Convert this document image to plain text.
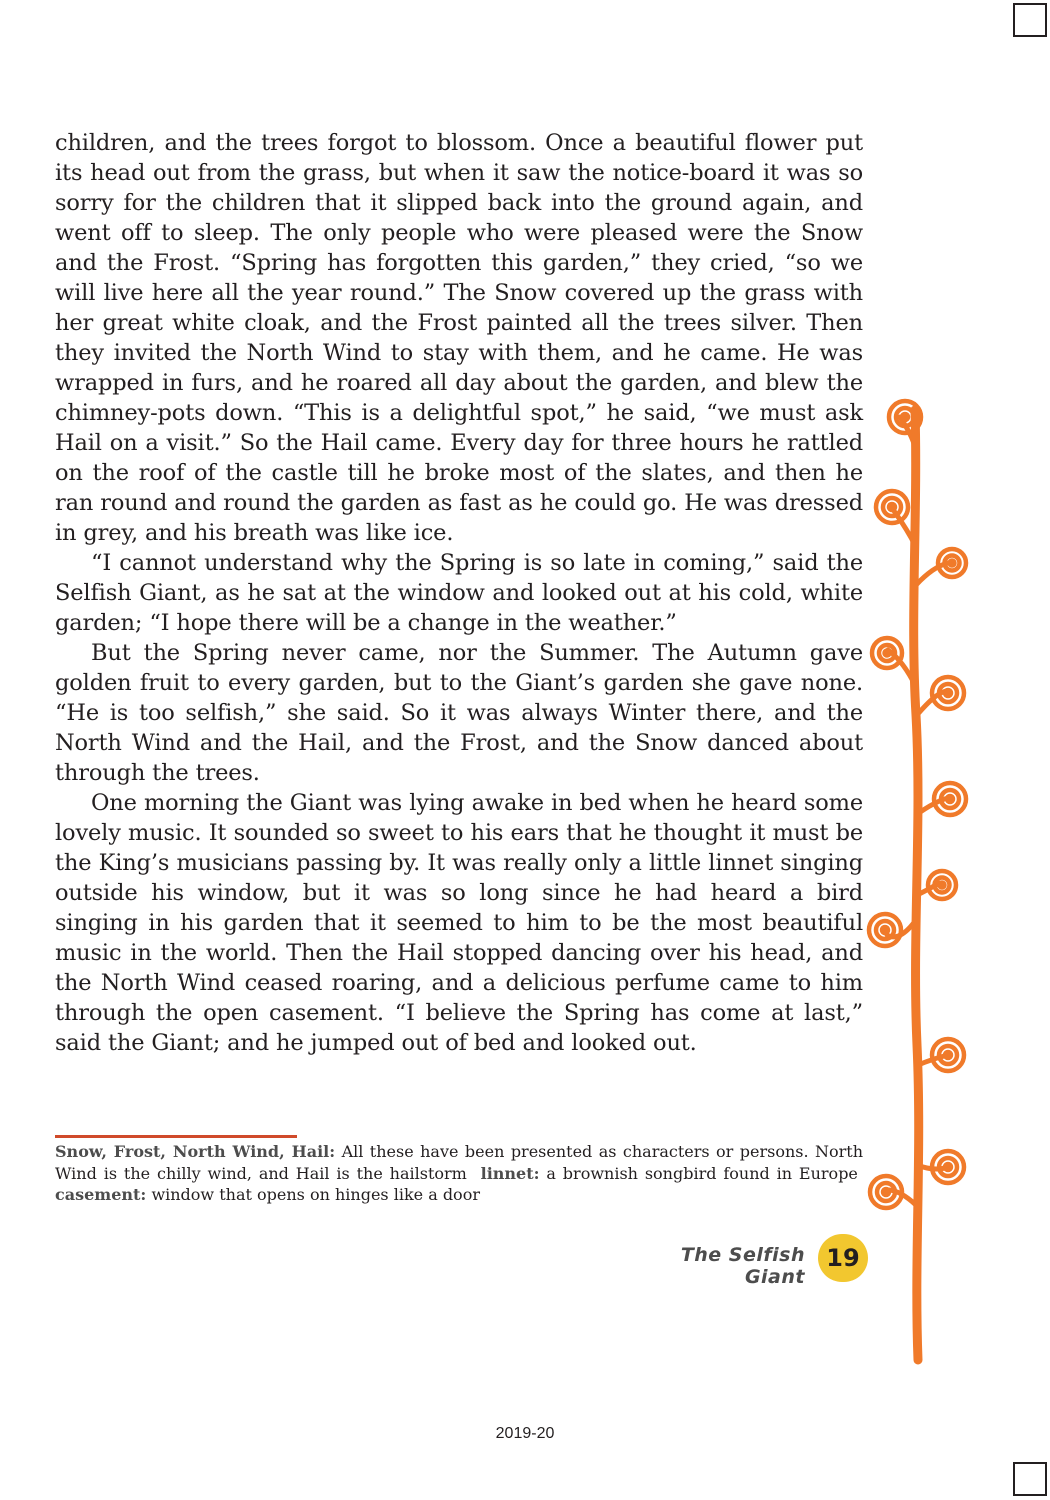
children, and the trees forgot to blossom. Once a beautiful flower put its head out from the grass, but when it saw the notice-board it was so sorry for the children that it slipped back into the ground again, and went off to sleep. The only people who were pleased were the Snow and the Frost. “Spring has forgotten this garden,” they cried, “so we will live here all the year round.” The Snow covered up the grass with her great white cloak, and the Frost painted all the trees silver. Then they invited the North Wind to stay with them, and he came. He was wrapped in furs, and he roared all day about the garden, and blew the chimney-pots down. “This is a delightful spot,” he said, “we must ask Hail on a visit.” So the Hail came. Every day for three hours he rattled on the roof of the castle till he broke most of the slates, and then he ran round and round the garden as fast as he could go. He was dressed in grey, and his breath was like ice.

“I cannot understand why the Spring is so late in coming,” said the Selfish Giant, as he sat at the window and looked out at his cold, white garden; “I hope there will be a change in the weather.”

But the Spring never came, nor the Summer. The Autumn gave golden fruit to every garden, but to the Giant’s garden she gave none. “He is too selfish,” she said. So it was always Winter there, and the North Wind and the Hail, and the Frost, and the Snow danced about through the trees.

One morning the Giant was lying awake in bed when he heard some lovely music. It sounded so sweet to his ears that he thought it must be the King’s musicians passing by. It was really only a little linnet singing outside his window, but it was so long since he had heard a bird singing in his garden that it seemed to him to be the most beautiful music in the world. Then the Hail stopped dancing over his head, and the North Wind ceased roaring, and a delicious perfume came to him through the open casement. “I believe the Spring has come at last,” said the Giant; and he jumped out of bed and looked out.

Snow, Frost, North Wind, Hail: All these have been presented as characters or persons. North Wind is the chilly wind, and Hail is the hailstorm linnet: a brownish songbird found in Europe  casement: window that opens on hinges like a door
The Selfish Giant
19
2019-20
